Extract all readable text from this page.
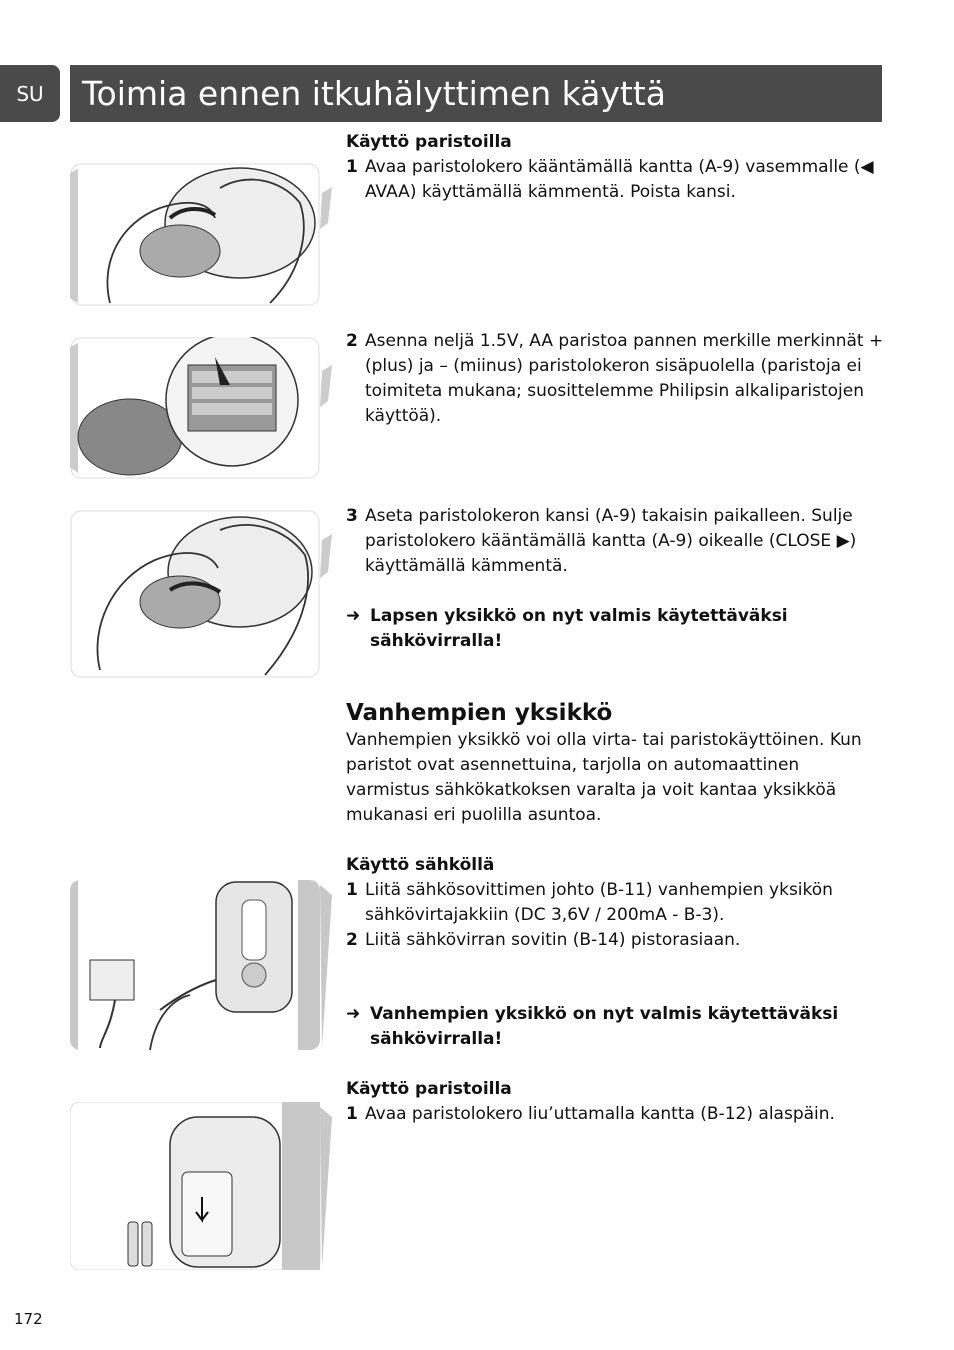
SU	Toimia ennen itkuhälyttimen käyttä

Käyttö paristoilla

1 Avaa paristolokero kääntämällä kantta (A-9) vasemmalle (◀ AVAA) käyttämällä kämmentä. Poista kansi.
2 Asenna neljä 1.5V, AA paristoa pannen merkille merkinnät + (plus) ja – (miinus) paristolokeron sisäpuolella (paristoja ei toimiteta mukana; suosittelemme Philipsin alkaliparistojen käyttöä).
3 Aseta paristolokeron kansi (A-9) takaisin paikalleen. Sulje paristolokero kääntämällä kantta (A-9) oikealle (CLOSE ▶) käyttämällä kämmentä.
➜ Lapsen yksikkö on nyt valmis käytettäväksi sähkövirralla!
Vanhempien yksikkö

Vanhempien yksikkö voi olla virta- tai paristokäyttöinen. Kun paristot ovat asennettuina, tarjolla on automaattinen varmistus sähkökatkoksen varalta ja voit kantaa yksikköä mukanasi eri puolilla asuntoa.

Käyttö sähköllä

1 Liitä sähkösovittimen johto (B-11) vanhempien yksikön sähkövirtajakkiin (DC 3,6V / 200mA - B-3).
2 Liitä sähkövirran sovitin (B-14) pistorasiaan.
➜ Vanhempien yksikkö on nyt valmis käytettäväksi sähkövirralla!

Käyttö paristoilla

1 Avaa paristolokero liu’uttamalla kantta (B-12) alaspäin.
172
